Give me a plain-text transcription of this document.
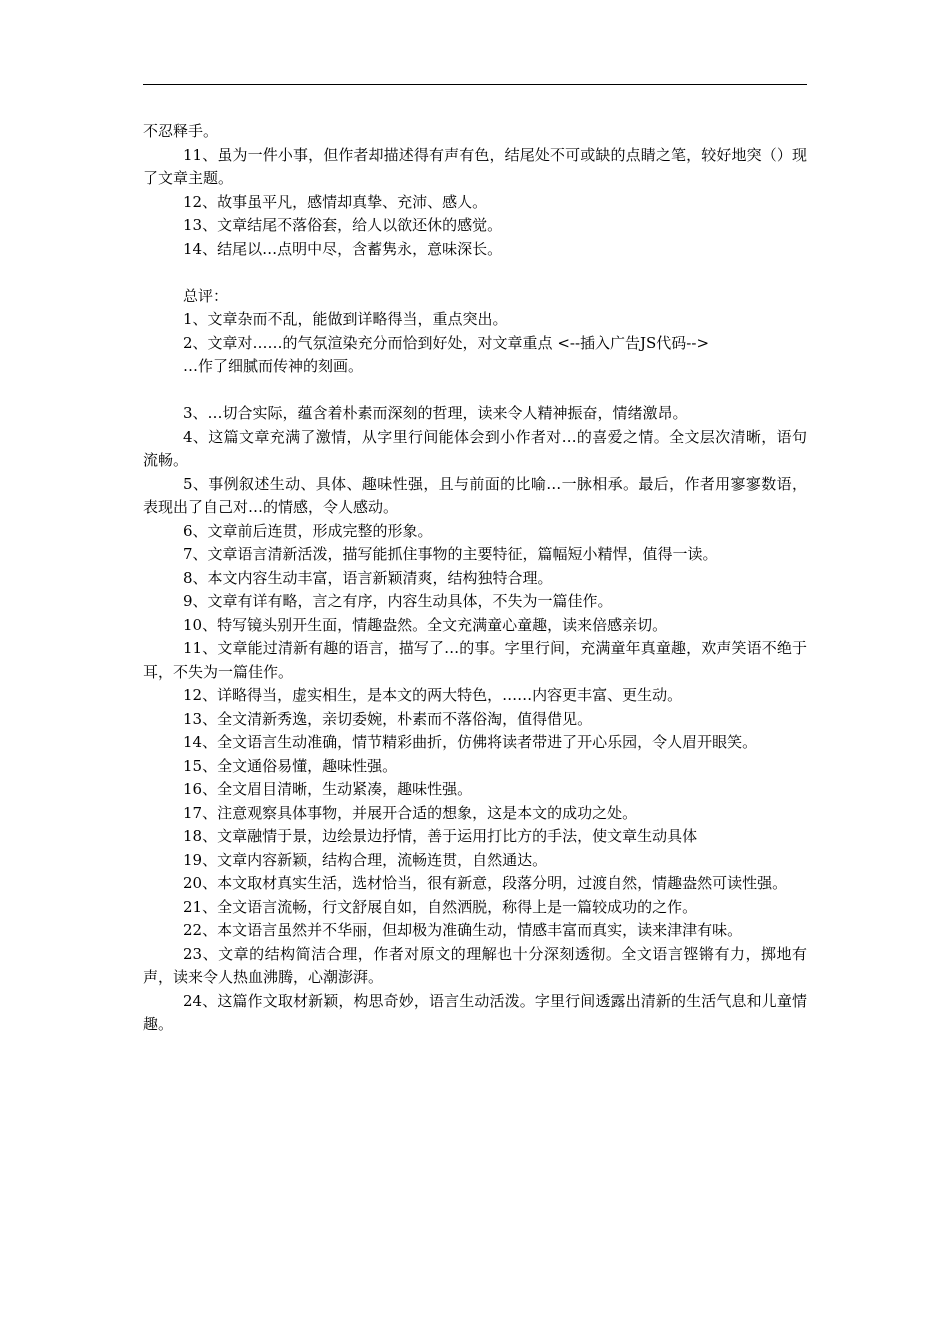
不忍释手。

11、虽为一件小事，但作者却描述得有声有色，结尾处不可或缺的点睛之笔，较好地突（）现了文章主题。

12、故事虽平凡，感情却真挚、充沛、感人。

13、文章结尾不落俗套，给人以欲还休的感觉。

14、结尾以…点明中尽，含蓄隽永，意味深长。

总评：

1、文章杂而不乱，能做到详略得当，重点突出。

2、文章对……的气氛渲染充分而恰到好处，对文章重点 <--插入广告JS代码-->

…作了细腻而传神的刻画。

3、…切合实际，蕴含着朴素而深刻的哲理，读来令人精神振奋，情绪激昂。

4、这篇文章充满了激情，从字里行间能体会到小作者对…的喜爱之情。全文层次清晰，语句流畅。

5、事例叙述生动、具体、趣味性强，且与前面的比喻…一脉相承。最后，作者用寥寥数语，表现出了自己对…的情感，令人感动。

6、文章前后连贯，形成完整的形象。

7、文章语言清新活泼，描写能抓住事物的主要特征，篇幅短小精悍，值得一读。

8、本文内容生动丰富，语言新颖清爽，结构独特合理。

9、文章有详有略，言之有序，内容生动具体，不失为一篇佳作。

10、特写镜头别开生面，情趣盎然。全文充满童心童趣，读来倍感亲切。

11、文章能过清新有趣的语言，描写了…的事。字里行间，充满童年真童趣，欢声笑语不绝于耳，不失为一篇佳作。

12、详略得当，虚实相生，是本文的两大特色，……内容更丰富、更生动。

13、全文清新秀逸，亲切委婉，朴素而不落俗淘，值得借见。

14、全文语言生动准确，情节精彩曲折，仿佛将读者带进了开心乐园，令人眉开眼笑。

15、全文通俗易懂，趣味性强。

16、全文眉目清晰，生动紧凑，趣味性强。

17、注意观察具体事物，并展开合适的想象，这是本文的成功之处。

18、文章融情于景，边绘景边抒情，善于运用打比方的手法，使文章生动具体

19、文章内容新颖，结构合理，流畅连贯，自然通达。

20、本文取材真实生活，选材恰当，很有新意，段落分明，过渡自然，情趣盎然可读性强。

21、全文语言流畅，行文舒展自如，自然洒脱，称得上是一篇较成功的之作。

22、本文语言虽然并不华丽，但却极为准确生动，情感丰富而真实，读来津津有味。

23、文章的结构简洁合理，作者对原文的理解也十分深刻透彻。全文语言铿锵有力，掷地有声，读来令人热血沸腾，心潮澎湃。

24、这篇作文取材新颖，构思奇妙，语言生动活泼。字里行间透露出清新的生活气息和儿童情趣。
